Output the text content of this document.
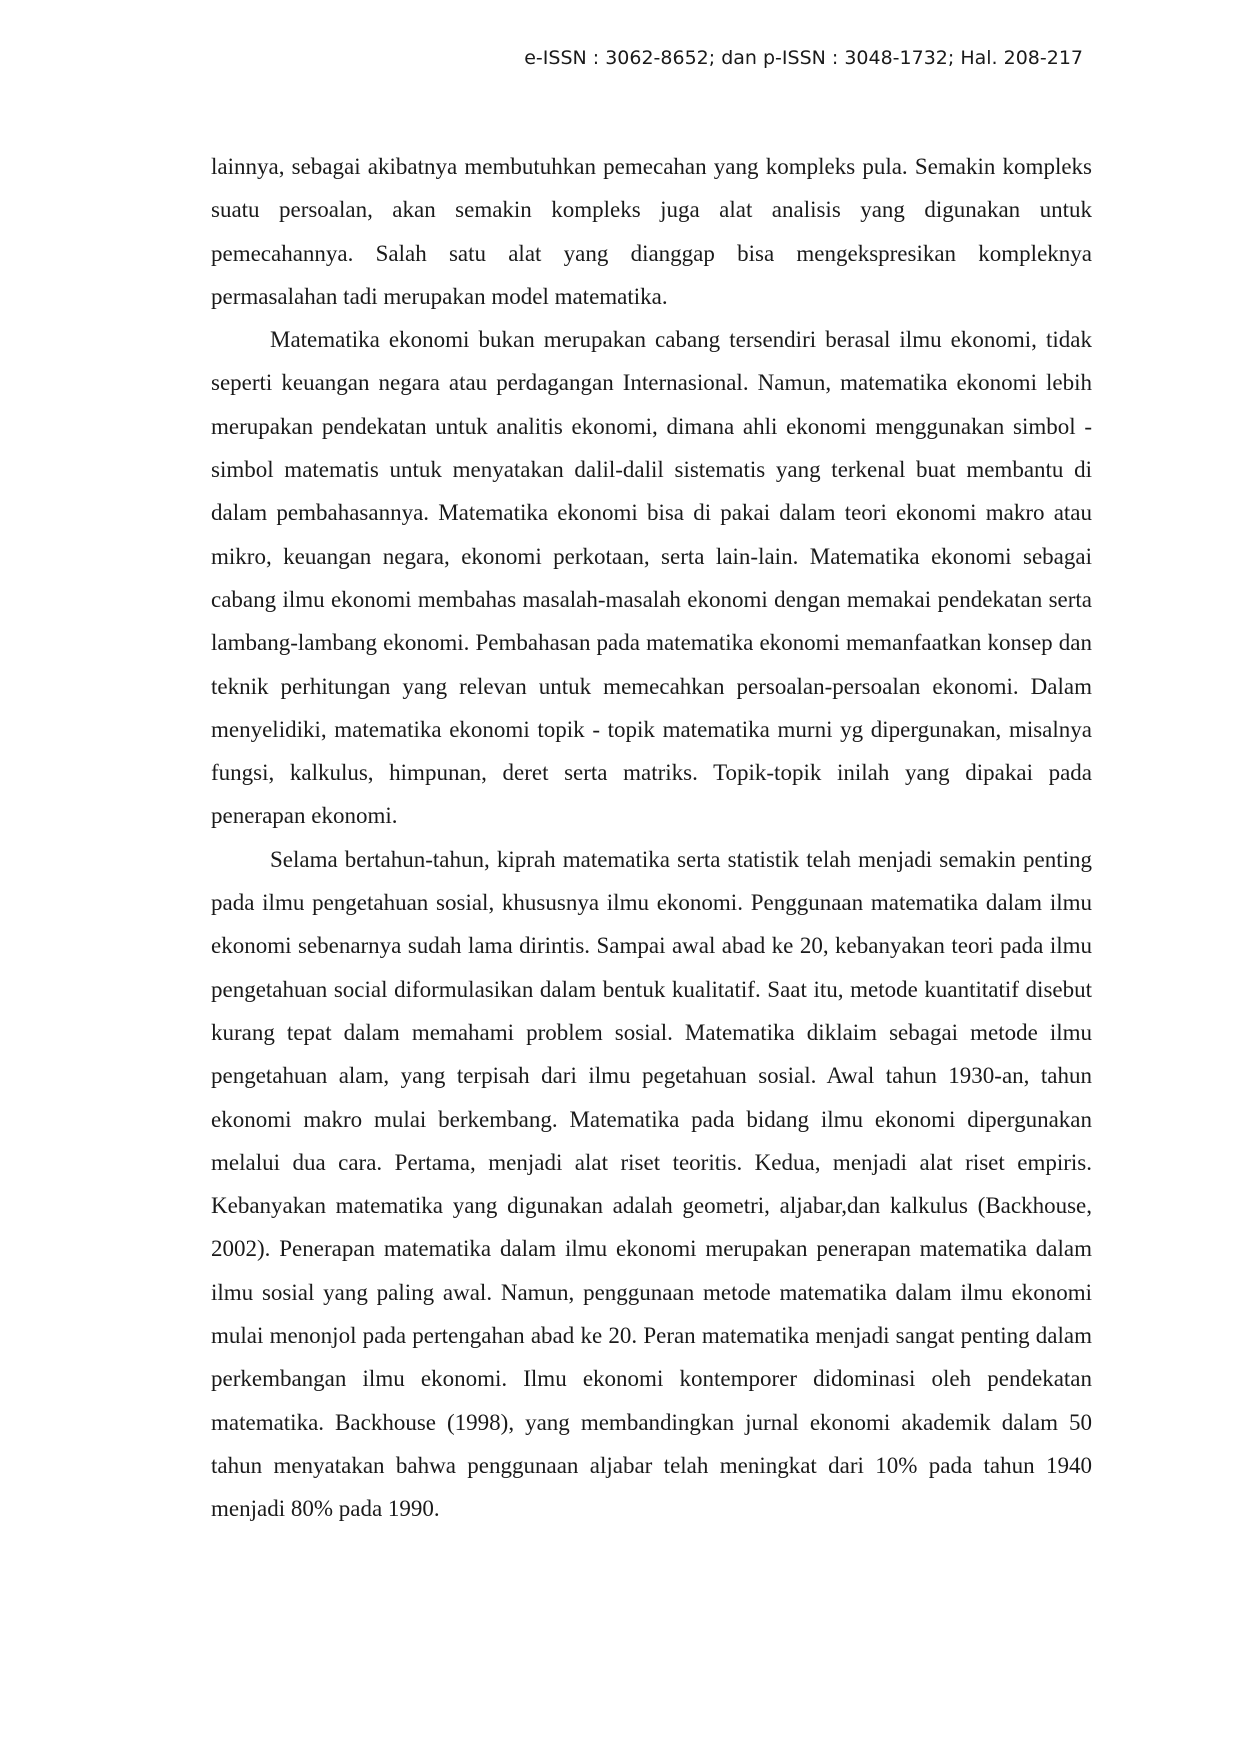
e-ISSN : 3062-8652; dan p-ISSN : 3048-1732; Hal. 208-217

lainnya, sebagai akibatnya membutuhkan pemecahan yang kompleks pula. Semakin kompleks suatu persoalan, akan semakin kompleks juga alat analisis yang digunakan untuk pemecahannya. Salah satu alat yang dianggap bisa mengekspresikan kompleknya permasalahan tadi merupakan model matematika.

Matematika ekonomi bukan merupakan cabang tersendiri berasal ilmu ekonomi, tidak seperti keuangan negara atau perdagangan Internasional. Namun, matematika ekonomi lebih merupakan pendekatan untuk analitis ekonomi, dimana ahli ekonomi menggunakan simbol - simbol matematis untuk menyatakan dalil-dalil sistematis yang terkenal buat membantu di dalam pembahasannya. Matematika ekonomi bisa di pakai dalam teori ekonomi makro atau mikro, keuangan negara, ekonomi perkotaan, serta lain-lain. Matematika ekonomi sebagai cabang ilmu ekonomi membahas masalah-masalah ekonomi dengan memakai pendekatan serta lambang-lambang ekonomi. Pembahasan pada matematika ekonomi memanfaatkan konsep dan teknik perhitungan yang relevan untuk memecahkan persoalan-persoalan ekonomi. Dalam menyelidiki, matematika ekonomi topik - topik matematika murni yg dipergunakan, misalnya fungsi, kalkulus, himpunan, deret serta matriks. Topik-topik inilah yang dipakai pada penerapan ekonomi.

Selama bertahun-tahun, kiprah matematika serta statistik telah menjadi semakin penting pada ilmu pengetahuan sosial, khususnya ilmu ekonomi. Penggunaan matematika dalam ilmu ekonomi sebenarnya sudah lama dirintis. Sampai awal abad ke 20, kebanyakan teori pada ilmu pengetahuan social diformulasikan dalam bentuk kualitatif. Saat itu, metode kuantitatif disebut kurang tepat dalam memahami problem sosial. Matematika diklaim sebagai metode ilmu pengetahuan alam, yang terpisah dari ilmu pegetahuan sosial. Awal tahun 1930-an, tahun ekonomi makro mulai berkembang. Matematika pada bidang ilmu ekonomi dipergunakan melalui dua cara. Pertama, menjadi alat riset teoritis. Kedua, menjadi alat riset empiris. Kebanyakan matematika yang digunakan adalah geometri, aljabar,dan kalkulus (Backhouse, 2002). Penerapan matematika dalam ilmu ekonomi merupakan penerapan matematika dalam ilmu sosial yang paling awal. Namun, penggunaan metode matematika dalam ilmu ekonomi mulai menonjol pada pertengahan abad ke 20. Peran matematika menjadi sangat penting dalam perkembangan ilmu ekonomi. Ilmu ekonomi kontemporer didominasi oleh pendekatan matematika. Backhouse (1998), yang membandingkan jurnal ekonomi akademik dalam 50 tahun menyatakan bahwa penggunaan aljabar telah meningkat dari 10% pada tahun 1940 menjadi 80% pada 1990.
